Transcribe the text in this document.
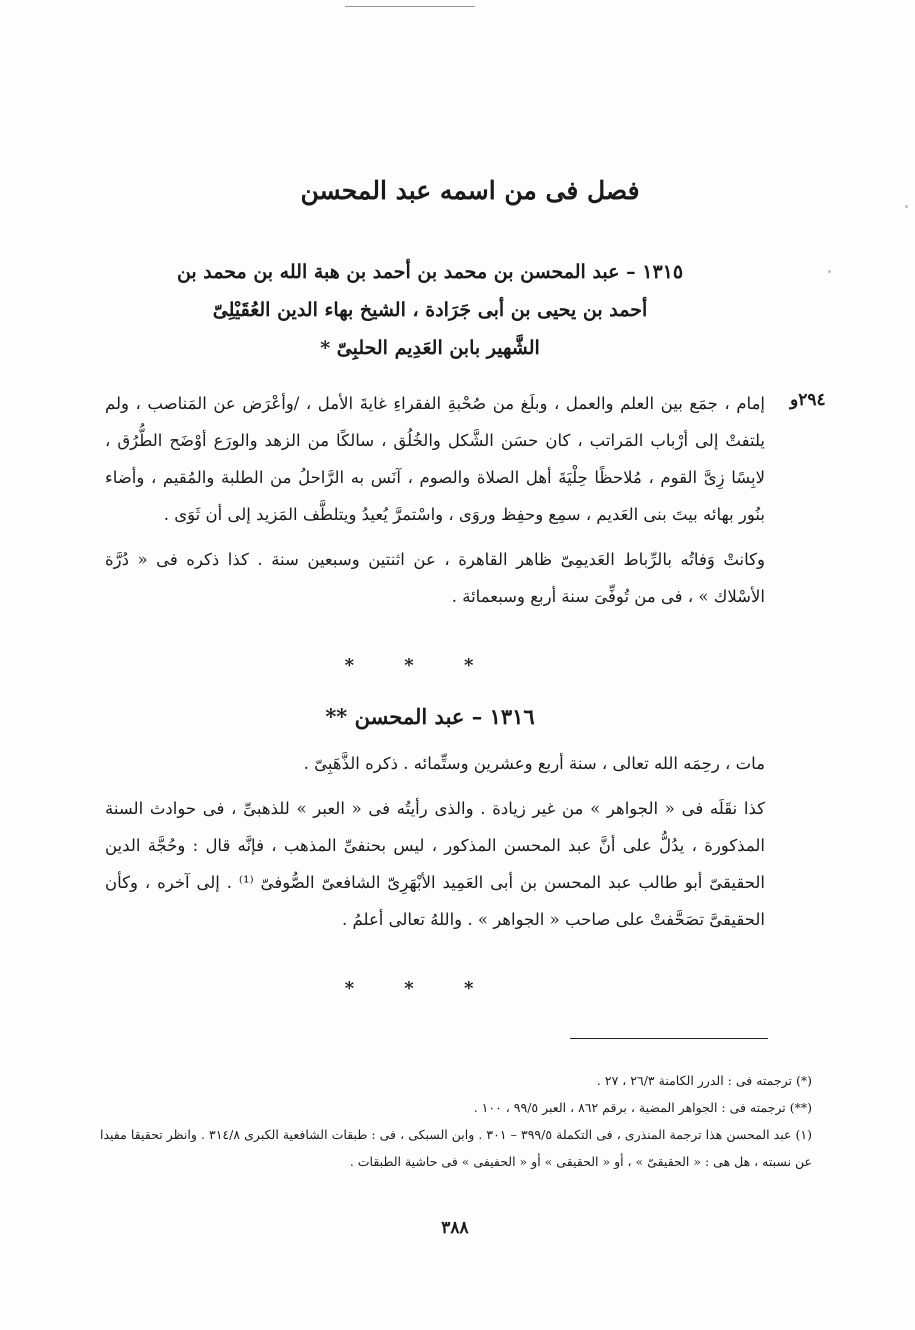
فصل فى من اسمه عبد المحسن
١٣١٥ – عبد المحسن بن محمد بن أحمد بن هبة الله بن محمد بن
أحمد بن يحيى بن أبى جَرَادة ، الشيخ بهاء الدين العُقَيْلِىّ
الشَّهير بابن العَدِيم الحلبِىّ *
٢٩٤و

إمام ، جمَع بين العلم والعمل ، وبلَغ من صُحْبةِ الفقراءِ غايةَ الأمل ، /وأعْرَض عن المَناصب ، ولم يلتفتْ إلى أرْباب المَراتب ، كان حسَن الشَّكل والخُلُق ، سالكًا من الزهد والورَع أوْضَح الطُّرُق ، لابِسًا زِىَّ القوم ، مُلاحظًا حِلْيَةَ أهل الصلاة والصوم ، آنَس به الرَّاحلُ من الطلبة والمُقيم ، وأضاء بنُور بهائه بيتَ بنى العَديم ، سمِع وحفِظ وروَى ، واسْتمرَّ يُعيدُ ويتلطَّف المَزيد إلى أن ثَوَى .

وكانتْ وَفاتُه بالرِّباط العَديمِىّ ظاهر القاهرة ، عن اثنتين وسبعين سنة . كذا ذكره فى « دُرَّة الأسْلاك » ، فى من تُوفِّىَ سنة أربع وسبعمائة .

* * *
١٣١٦ – عبد المحسن **

مات ، رحِمَه الله تعالى ، سنة أربع وعشرين وستِّمائه . ذكره الذَّهَبِىّ .

كذا نقَلَه فى « الجواهر » من غير زيادة . والذى رأيتُه فى « العبر » للذهبىِّ ، فى حوادث السنة المذكورة ، يدُلُّ على أنَّ عبد المحسن المذكور ، ليس بحنفىِّ المذهب ، فإنَّه قال : وحُجَّة الدين الحقيقىّ أبو طالب عبد المحسن بن أبى العَمِيد الأبْهَرِىّ الشافعىّ الصُّوفىّ ⁽¹⁾ . إلى آخره ، وكأن الحقيقىَّ تصَحَّفتْ على صاحب « الجواهر » . واللهُ تعالى أعلمُ .

* * *

(*) ترجمته فى : الدرر الكامنة ٢٦/٣ ، ٢٧ .

(**) ترجمته فى : الجواهر المضية ، برقم ٨٦٢ ، العبر ٩٩/٥ ، ١٠٠ .

(١) عبد المحسن هذا ترجمة المنذرى ، فى التكملة ٣٩٩/٥ – ٣٠١ . وابن السبكى ، فى : طبقات الشافعية الكبرى ٣١٤/٨ . وانظر تحقيقا مفيدا عن نسبته ، هل هى : « الحقيقىّ » ، أو « الحقيقى » أو « الحفيفى » فى حاشية الطبقات .

٣٨٨
